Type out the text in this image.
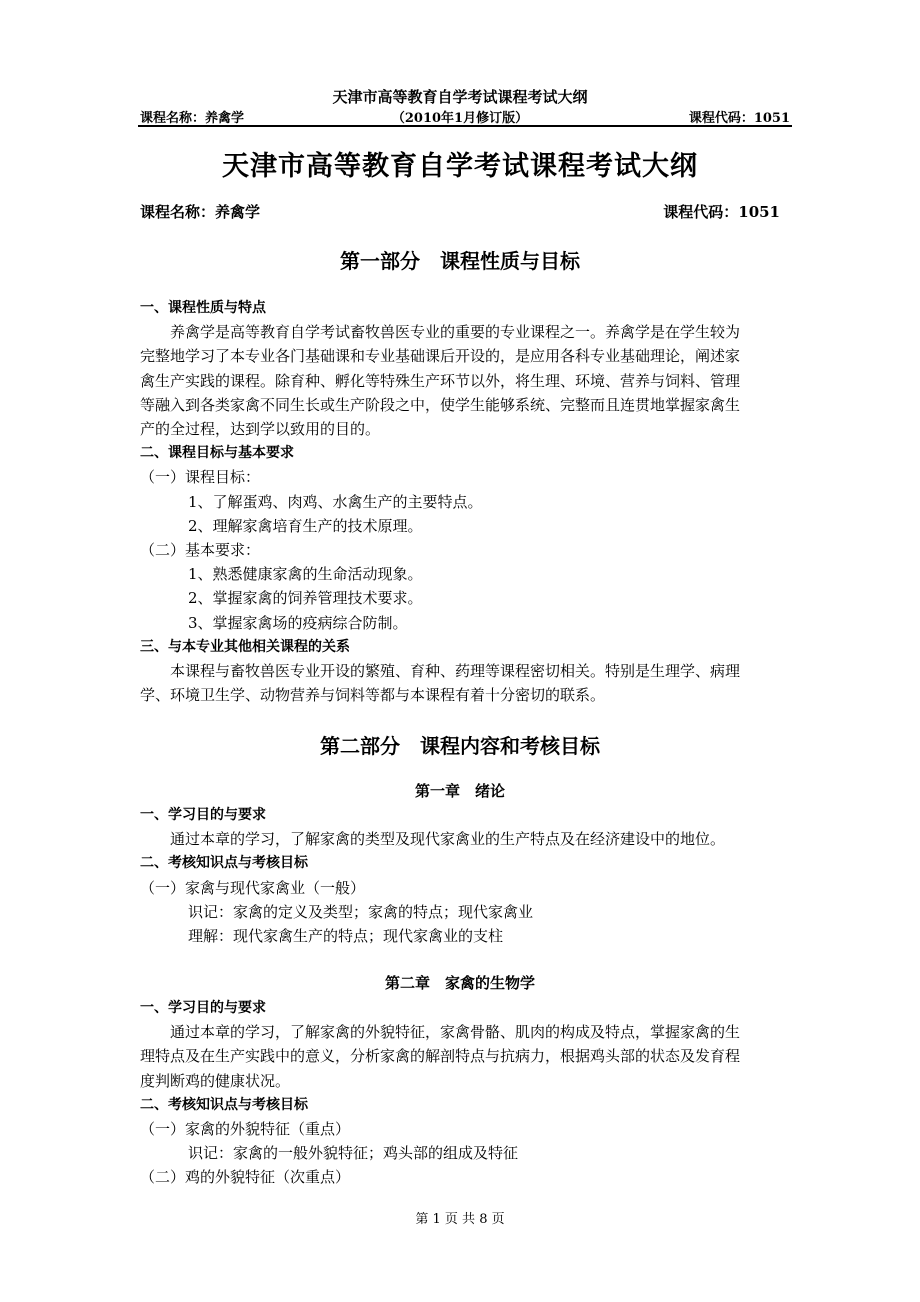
天津市高等教育自学考试课程考试大纲
课程名称：养禽学	（2010年1月修订版）	课程代码：1051
天津市高等教育自学考试课程考试大纲
课程名称：养禽学	课程代码：1051
第一部分　课程性质与目标
一、课程性质与特点
养禽学是高等教育自学考试畜牧兽医专业的重要的专业课程之一。养禽学是在学生较为
完整地学习了本专业各门基础课和专业基础课后开设的，是应用各科专业基础理论，阐述家
禽生产实践的课程。除育种、孵化等特殊生产环节以外，将生理、环境、营养与饲料、管理
等融入到各类家禽不同生长或生产阶段之中，使学生能够系统、完整而且连贯地掌握家禽生
产的全过程，达到学以致用的目的。
二、课程目标与基本要求
（一）课程目标：
1、了解蛋鸡、肉鸡、水禽生产的主要特点。
2、理解家禽培育生产的技术原理。
（二）基本要求：
1、熟悉健康家禽的生命活动现象。
2、掌握家禽的饲养管理技术要求。
3、掌握家禽场的疫病综合防制。
三、与本专业其他相关课程的关系
本课程与畜牧兽医专业开设的繁殖、育种、药理等课程密切相关。特别是生理学、病理
学、环境卫生学、动物营养与饲料等都与本课程有着十分密切的联系。
第二部分　课程内容和考核目标
第一章　绪论
一、学习目的与要求
通过本章的学习，了解家禽的类型及现代家禽业的生产特点及在经济建设中的地位。
二、考核知识点与考核目标
（一）家禽与现代家禽业（一般）
识记：家禽的定义及类型；家禽的特点；现代家禽业
理解：现代家禽生产的特点；现代家禽业的支柱
第二章　家禽的生物学
一、学习目的与要求
通过本章的学习，了解家禽的外貌特征，家禽骨骼、肌肉的构成及特点，掌握家禽的生
理特点及在生产实践中的意义，分析家禽的解剖特点与抗病力，根据鸡头部的状态及发育程
度判断鸡的健康状况。
二、考核知识点与考核目标
（一）家禽的外貌特征（重点）
识记：家禽的一般外貌特征；鸡头部的组成及特征
（二）鸡的外貌特征（次重点）
第 1 页 共 8 页
